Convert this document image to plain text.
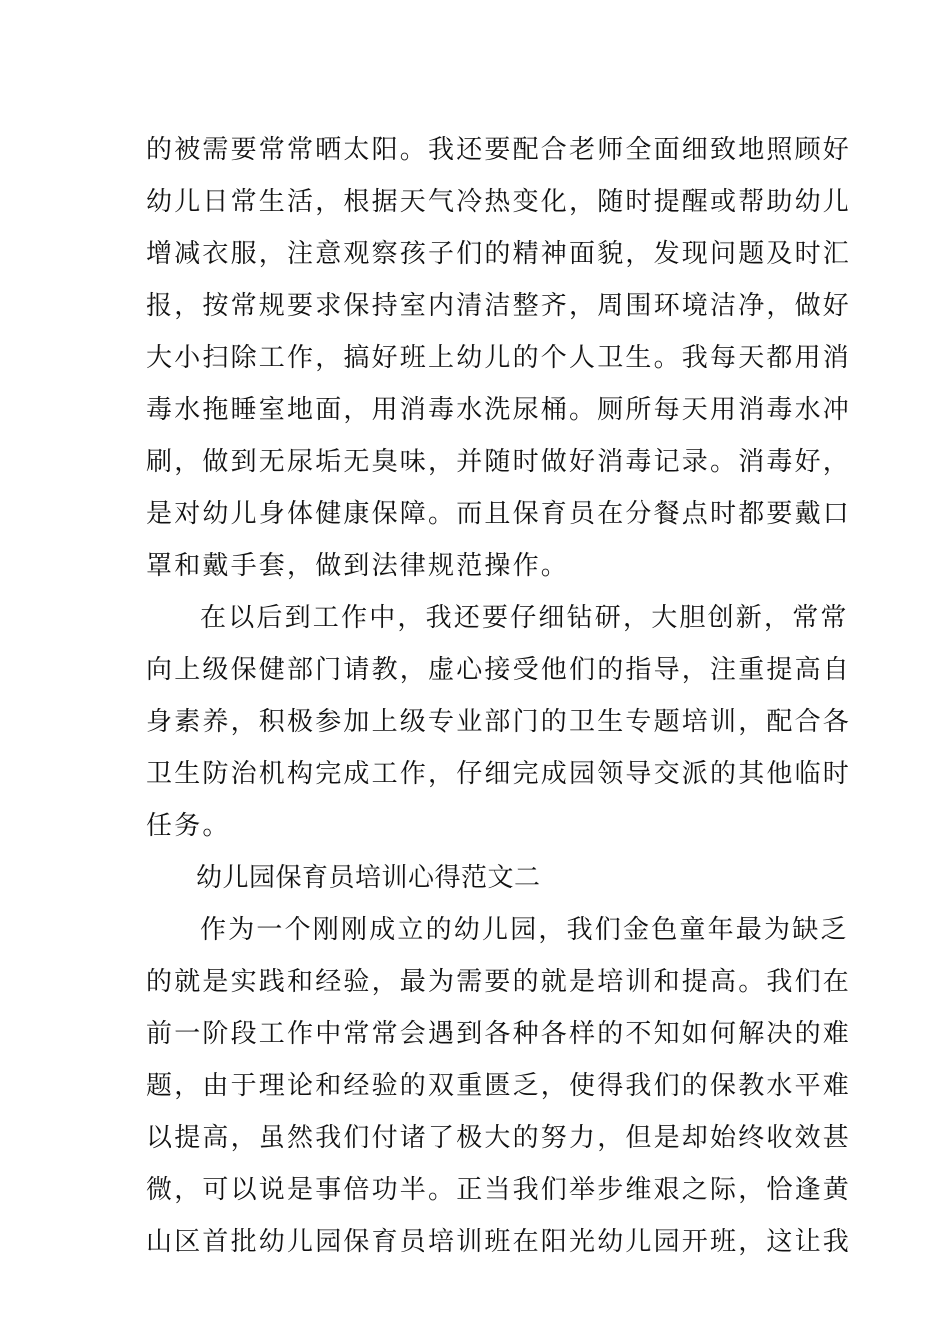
的被需要常常晒太阳。我还要配合老师全面细致地照顾好
幼儿日常生活，根据天气冷热变化，随时提醒或帮助幼儿
增减衣服，注意观察孩子们的精神面貌，发现问题及时汇
报，按常规要求保持室内清洁整齐，周围环境洁净，做好
大小扫除工作，搞好班上幼儿的个人卫生。我每天都用消
毒水拖睡室地面，用消毒水洗尿桶。厕所每天用消毒水冲
刷，做到无尿垢无臭味，并随时做好消毒记录。消毒好，
是对幼儿身体健康保障。而且保育员在分餐点时都要戴口
罩和戴手套，做到法律规范操作。
在以后到工作中，我还要仔细钻研，大胆创新，常常
向上级保健部门请教，虚心接受他们的指导，注重提高自
身素养，积极参加上级专业部门的卫生专题培训，配合各
卫生防治机构完成工作，仔细完成园领导交派的其他临时
任务。
幼儿园保育员培训心得范文二
作为一个刚刚成立的幼儿园，我们金色童年最为缺乏
的就是实践和经验，最为需要的就是培训和提高。我们在
前一阶段工作中常常会遇到各种各样的不知如何解决的难
题，由于理论和经验的双重匮乏，使得我们的保教水平难
以提高，虽然我们付诸了极大的努力，但是却始终收效甚
微，可以说是事倍功半。正当我们举步维艰之际，恰逢黄
山区首批幼儿园保育员培训班在阳光幼儿园开班，这让我
